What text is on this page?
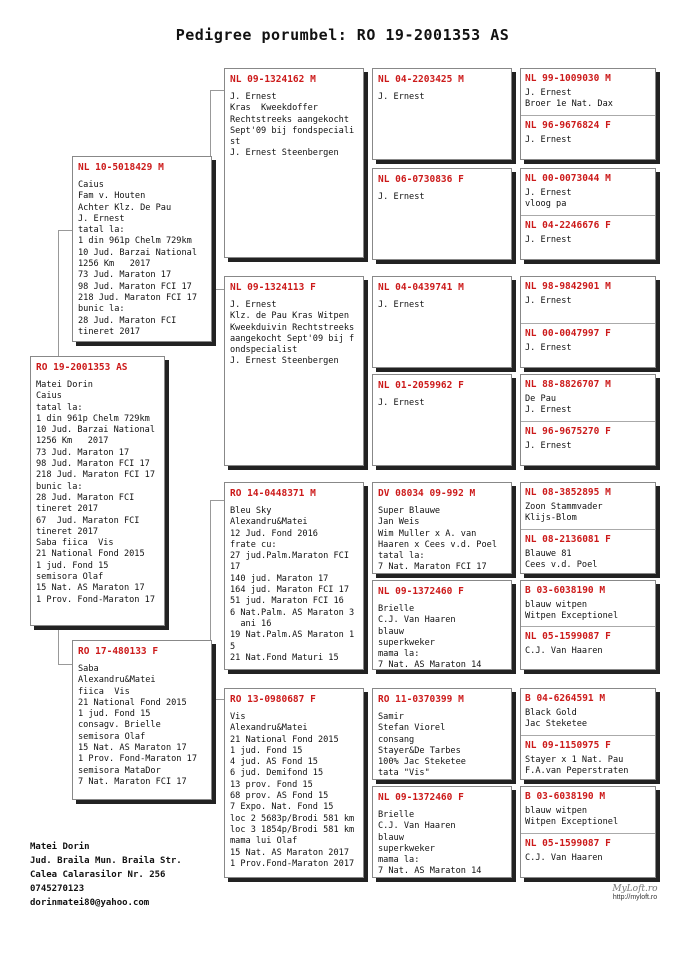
Pedigree porumbel: RO 19-2001353 AS
RO 19-2001353 AS
Matei Dorin
Caius
tatal la:
1 din 961p Chelm 729km
10 Jud. Barzai National
1256 Km   2017
73 Jud. Maraton 17
98 Jud. Maraton FCI 17
218 Jud. Maraton FCI 17
bunic la:
28 Jud. Maraton FCI
tineret 2017
67  Jud. Maraton FCI
tineret 2017
Saba fiica  Vis
21 National Fond 2015
1 jud. Fond 15
semisora Olaf
15 Nat. AS Maraton 17
1 Prov. Fond-Maraton 17
NL 10-5018429 M
Caius
Fam v. Houten
Achter Klz. De Pau
J. Ernest
tatal la:
1 din 961p Chelm 729km
10 Jud. Barzai National
1256 Km   2017
73 Jud. Maraton 17
98 Jud. Maraton FCI 17
218 Jud. Maraton FCI 17
bunic la:
28 Jud. Maraton FCI
tineret 2017
RO 17-480133 F
Saba
Alexandru&Matei
fiica  Vis
21 National Fond 2015
1 jud. Fond 15
consagv. Brielle
semisora Olaf
15 Nat. AS Maraton 17
1 Prov. Fond-Maraton 17
semisora MataDor
7 Nat. Maraton FCI 17
NL 09-1324162 M
J. Ernest
Kras  Kweekdoffer
Rechtstreeks aangekocht
Sept'09 bij fondspeciali
st
J. Ernest Steenbergen
NL 09-1324113 F
J. Ernest
Klz. de Pau Kras Witpen
Kweekduivin Rechtstreeks
aangekocht Sept'09 bij f
ondspecialist
J. Ernest Steenbergen
RO 14-0448371 M
Bleu Sky
Alexandru&Matei
12 Jud. Fond 2016
frate cu:
27 jud.Palm.Maraton FCI
17
140 jud. Maraton 17
164 jud. Maraton FCI 17
51 jud. Maraton FCI 16
6 Nat.Palm. AS Maraton 3
ani 16
19 Nat.Palm.AS Maraton 1
5
21 Nat.Fond Maturi 15
RO 13-0980687 F
Vis
Alexandru&Matei
21 National Fond 2015
1 jud. Fond 15
4 jud. AS Fond 15
6 jud. Demifond 15
13 prov. Fond 15
68 prov. AS Fond 15
7 Expo. Nat. Fond 15
loc 2 5683p/Brodi 581 km
loc 3 1854p/Brodi 581 km
mama lui Olaf
15 Nat. AS Maraton 2017
1 Prov.Fond-Maraton 2017
NL 04-2203425 M
J. Ernest
NL 06-0730836 F
J. Ernest
NL 04-0439741 M
J. Ernest
NL 01-2059962 F
J. Ernest
DV 08034 09-992 M
Super Blauwe
Jan Weis
Wim Muller x A. van
Haaren x Cees v.d. Poel
tatal la:
7 Nat. Maraton FCI 17
NL 09-1372460 F
Brielle
C.J. Van Haaren
blauw
superkweker
mama la:
7 Nat. AS Maraton 14
RO 11-0370399 M
Samir
Stefan Viorel
consang
Stayer&De Tarbes
100% Jac Steketee
tata "Vis"
NL 09-1372460 F
Brielle
C.J. Van Haaren
blauw
superkweker
mama la:
7 Nat. AS Maraton 14
NL 99-1009030 M
J. Ernest
Broer 1e Nat. Dax
NL 96-9676824 F
J. Ernest
NL 00-0073044 M
J. Ernest
vloog pa
NL 04-2246676 F
J. Ernest
NL 98-9842901 M
J. Ernest
NL 00-0047997 F
J. Ernest
NL 88-8826707 M
De Pau
J. Ernest
NL 96-9675270 F
J. Ernest
NL 08-3852895 M
Zoon Stammvader
Klijs-Blom
NL 08-2136081 F
Blauwe 81
Cees v.d. Poel
B 03-6038190 M
blauw witpen
Witpen Exceptionel
NL 05-1599087 F
C.J. Van Haaren
B 04-6264591 M
Black Gold
Jac Steketee
NL 09-1150975 F
Stayer x 1 Nat. Pau
F.A.van Peperstraten
B 03-6038190 M
blauw witpen
Witpen Exceptionel
NL 05-1599087 F
C.J. Van Haaren
Matei Dorin
Jud. Braila Mun. Braila Str.
Calea Calarasilor Nr. 256
0745270123
dorinmatei80@yahoo.com
MyLoft.ro
http://myloft.ro
